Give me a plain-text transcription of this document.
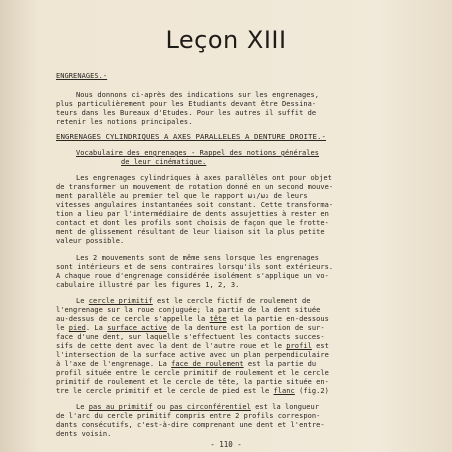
Leçon XIII
ENGRENAGES.-
Nous donnons ci-après des indications sur les engrenages,
plus particulièrement pour les Etudiants devant être Dessina-
teurs dans les Bureaux d'Etudes. Pour les autres il suffit de
retenir les notions principales.
ENGRENAGES CYLINDRIQUES A AXES PARALLELES A DENTURE DROITE.-
Vocabulaire des engrenages - Rappel des notions générales
de leur cinématique.
Les engrenages cylindriques à axes parallèles ont pour objet
de transformer un mouvement de rotation donné en un second mouve-
ment parallèle au premier tel que le rapport ω₁/ω₂ de leurs
vitesses angulaires instantanées soit constant. Cette transforma-
tion a lieu par l'intermédiaire de dents assujetties à rester en
contact et dont les profils sont choisis de façon que le frotte-
ment de glissement résultant de leur liaison sit la plus petite
valeur possible.
Les 2 mouvements sont de même sens lorsque les engrenages
sont intérieurs et de sens contraires lorsqu'ils sont extérieurs.
A chaque roue d'engrenage considérée isolément s'applique un vo-
cabulaire illustré par les figures 1, 2, 3.
Le cercle primitif est le cercle fictif de roulement de
l'engrenage sur la roue conjuguée; la partie de la dent située
au-dessus de ce cercle s'appelle la tête et la partie en-dessous
le pied. La surface active de la denture est la portion de sur-
face d'une dent, sur laquelle s'effectuent les contacts succes-
sifs de cette dent avec la dent de l'autre roue et le profil est
l'intersection de la surface active avec un plan perpendiculaire
à l'axe de l'engrenage. La face de roulement est la partie du
profil située entre le cercle primitif de roulement et le cercle
primitif de roulement et le cercle de tête, la partie située en-
tre le cercle primitif et le cercle de pied est le flanc (fig.2)
Le pas au primitif ou pas circonférentiel est la longueur
de l'arc du cercle primitif compris entre 2 profils correspon-
dants consécutifs, c'est-à-dire comprenant une dent et l'entre-
dents voisin.
- 110 -
